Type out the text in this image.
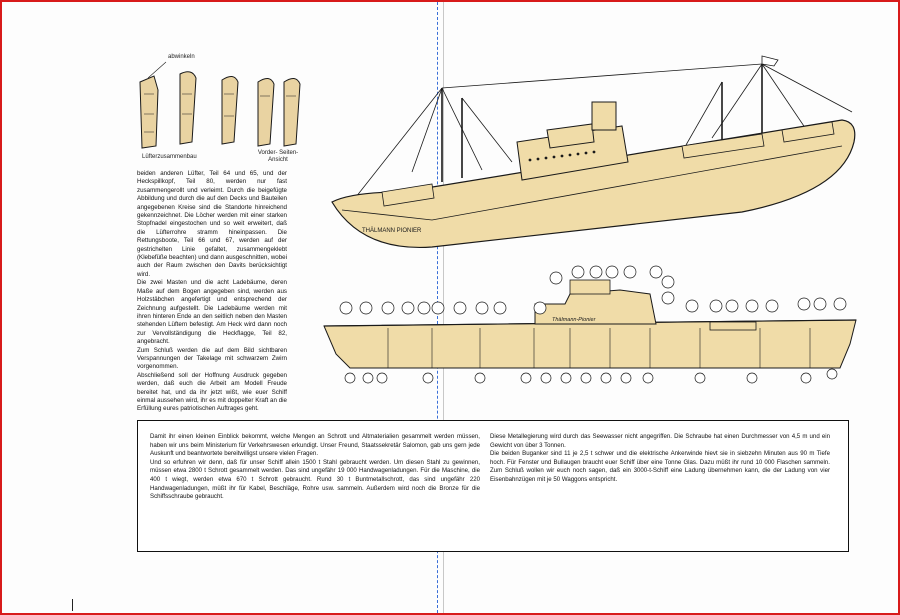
abwinkeln
Lüfterzusammenbau
Vorder- Seiten- Ansicht

beiden anderen Lüfter, Teil 64 und 65, und der Heckspillkopf, Teil 80, werden nur fast zusammengerollt und verleimt. Durch die beigefügte Abbildung und durch die auf den Decks und Bauteilen angegebenen Kreise sind die Standorte hinreichend gekennzeichnet. Die Löcher werden mit einer starken Stopfnadel eingestochen und so weit erweitert, daß die Lüfterrohre stramm hineinpassen. Die Rettungsboote, Teil 66 und 67, werden auf der gestrichelten Linie gefaltet, zusammengeklebt (Klebefüße beachten) und dann ausgeschnitten, wobei auch der Raum zwischen den Davits berücksichtigt wird.

Die zwei Masten und die acht Ladebäume, deren Maße auf dem Bogen angegeben sind, werden aus Holzstäbchen angefertigt und entsprechend der Zeichnung aufgestellt. Die Ladebäume werden mit ihren hinteren Ende an den seitlich neben den Masten stehenden Lüftern befestigt. Am Heck wird dann noch zur Vervollständigung die Heckflagge, Teil 82, angebracht.

Zum Schluß werden die auf dem Bild sichtbaren Verspannungen der Takelage mit schwarzem Zwirn vorgenommen.

Abschließend soll der Hoffnung Ausdruck gegeben werden, daß euch die Arbeit am Modell Freude bereitet hat, und da ihr jetzt wißt, wie euer Schiff einmal aussehen wird, ihr es mit doppelter Kraft an die Erfüllung eures patriotischen Auftrages geht.

THÄLMANN PIONIER
Thälmann-Pionier

Damit ihr einen kleinen Einblick bekommt, welche Mengen an Schrott und Altmaterialien gesammelt werden müssen, haben wir uns beim Ministerium für Verkehrswesen erkundigt. Unser Freund, Staatssekretär Salomon, gab uns gern jede Auskunft und beantwortete bereitwilligst unsere vielen Fragen.

Und so erfuhren wir denn, daß für unser Schiff allein 1500 t Stahl gebraucht werden. Um diesen Stahl zu gewinnen, müssen etwa 2800 t Schrott gesammelt werden. Das sind ungefähr 19 000 Handwagenladungen. Für die Maschine, die 400 t wiegt, werden etwa 670 t Schrott gebraucht. Rund 30 t Buntmetallschrott, das sind ungefähr 220 Handwagenladungen, müßt ihr für Kabel, Beschläge, Rohre usw. sammeln. Außerdem wird noch die Bronze für die Schiffsschraube gebraucht.

Diese Metallegierung wird durch das Seewasser nicht angegriffen. Die Schraube hat einen Durchmesser von 4,5 m und ein Gewicht von über 3 Tonnen.

Die beiden Buganker sind 11 je 2,5 t schwer und die elektrische Ankerwinde hievt sie in siebzehn Minuten aus 90 m Tiefe hoch. Für Fenster und Bullaugen braucht euer Schiff über eine Tonne Glas. Dazu müßt ihr rund 10 000 Flaschen sammeln. Zum Schluß wollen wir euch noch sagen, daß ein 3000-t-Schiff eine Ladung übernehmen kann, die der Ladung von vier Eisenbahnzügen mit je 50 Waggons entspricht.
